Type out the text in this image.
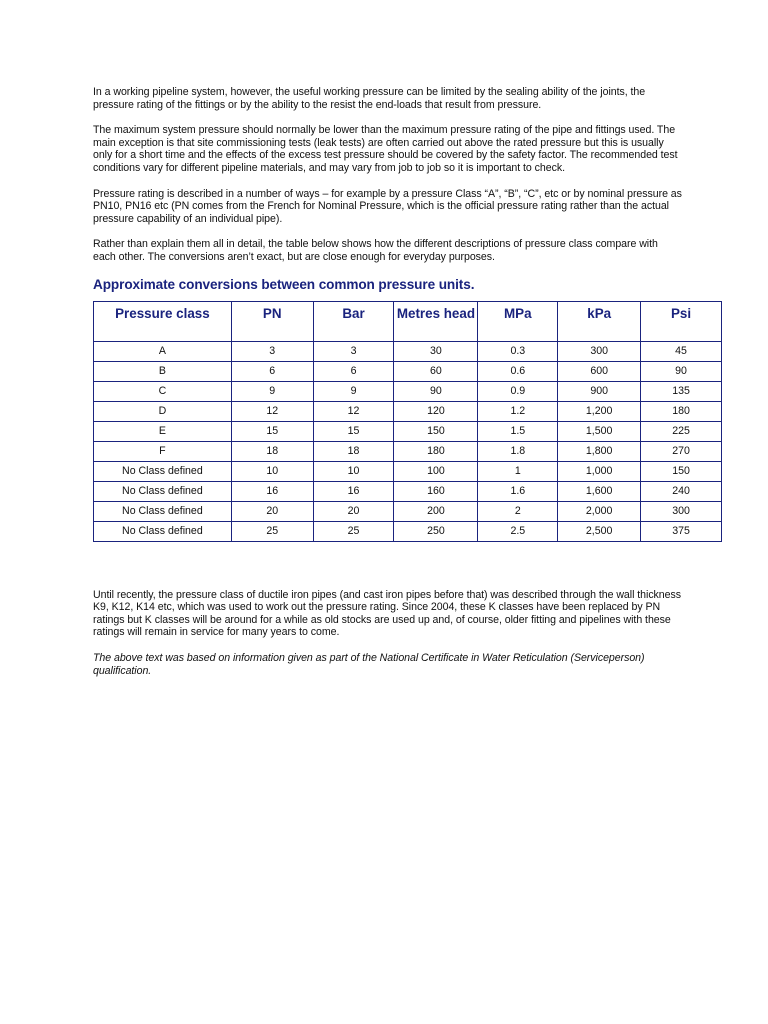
In a working pipeline system, however, the useful working pressure can be limited by the sealing ability of the joints, the pressure rating of the fittings or by the ability to the resist the end-loads that result from pressure.

The maximum system pressure should normally be lower than the maximum pressure rating of the pipe and fittings used. The main exception is that site commissioning tests (leak tests) are often carried out above the rated pressure but this is usually only for a short time and the effects of the excess test pressure should be covered by the safety factor. The recommended test conditions vary for different pipeline materials, and may vary from job to job so it is important to check.

Pressure rating is described in a number of ways – for example by a pressure Class “A”, “B”, “C”, etc or by nominal pressure as PN10, PN16 etc (PN comes from the French for Nominal Pressure, which is the official pressure rating rather than the actual pressure capability of an individual pipe).

Rather than explain them all in detail, the table below shows how the different descriptions of pressure class compare with each other. The conversions aren’t exact, but are close enough for everyday purposes.

Approximate conversions between common pressure units.
Pressure class	PN	Bar	Metres head	MPa	kPa	Psi
A	3	3	30	0.3	300	45
B	6	6	60	0.6	600	90
C	9	9	90	0.9	900	135
D	12	12	120	1.2	1,200	180
E	15	15	150	1.5	1,500	225
F	18	18	180	1.8	1,800	270
No Class defined	10	10	100	1	1,000	150
No Class defined	16	16	160	1.6	1,600	240
No Class defined	20	20	200	2	2,000	300
No Class defined	25	25	250	2.5	2,500	375

Until recently, the pressure class of ductile iron pipes (and cast iron pipes before that) was described through the wall thickness K9, K12, K14 etc, which was used to work out the pressure rating. Since 2004, these K classes have been replaced by PN ratings but K classes will be around for a while as old stocks are used up and, of course, older fitting and pipelines with these ratings will remain in service for many years to come.

The above text was based on information given as part of the National Certificate in Water Reticulation (Serviceperson) qualification.
